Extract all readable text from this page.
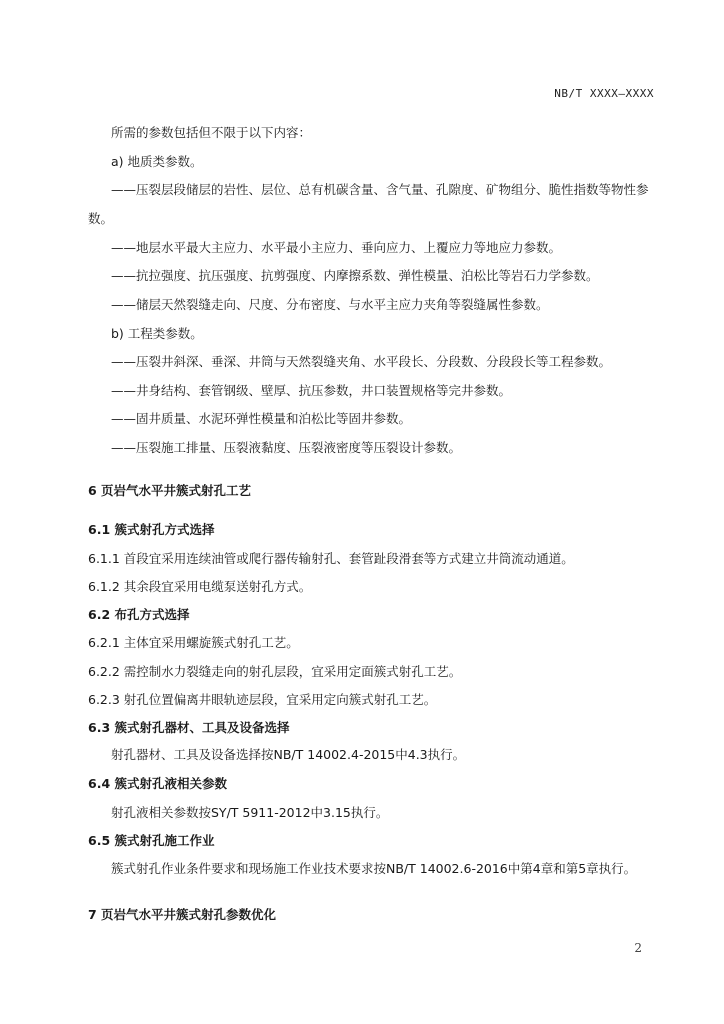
NB/T XXXX—XXXX
所需的参数包括但不限于以下内容：
a) 地质类参数。
——压裂层段储层的岩性、层位、总有机碳含量、含气量、孔隙度、矿物组分、脆性指数等物性参
数。
——地层水平最大主应力、水平最小主应力、垂向应力、上覆应力等地应力参数。
——抗拉强度、抗压强度、抗剪强度、内摩擦系数、弹性模量、泊松比等岩石力学参数。
——储层天然裂缝走向、尺度、分布密度、与水平主应力夹角等裂缝属性参数。
b) 工程类参数。
——压裂井斜深、垂深、井筒与天然裂缝夹角、水平段长、分段数、分段段长等工程参数。
——井身结构、套管钢级、壁厚、抗压参数，井口装置规格等完井参数。
——固井质量、水泥环弹性模量和泊松比等固井参数。
——压裂施工排量、压裂液黏度、压裂液密度等压裂设计参数。
6 页岩气水平井簇式射孔工艺
6.1 簇式射孔方式选择
6.1.1 首段宜采用连续油管或爬行器传输射孔、套管趾段滑套等方式建立井筒流动通道。
6.1.2 其余段宜采用电缆泵送射孔方式。
6.2 布孔方式选择
6.2.1 主体宜采用螺旋簇式射孔工艺。
6.2.2 需控制水力裂缝走向的射孔层段，宜采用定面簇式射孔工艺。
6.2.3 射孔位置偏离井眼轨迹层段，宜采用定向簇式射孔工艺。
6.3 簇式射孔器材、工具及设备选择
射孔器材、工具及设备选择按NB/T 14002.4-2015中4.3执行。
6.4 簇式射孔液相关参数
射孔液相关参数按SY/T 5911-2012中3.15执行。
6.5 簇式射孔施工作业
簇式射孔作业条件要求和现场施工作业技术要求按NB/T 14002.6-2016中第4章和第5章执行。
7 页岩气水平井簇式射孔参数优化
2
